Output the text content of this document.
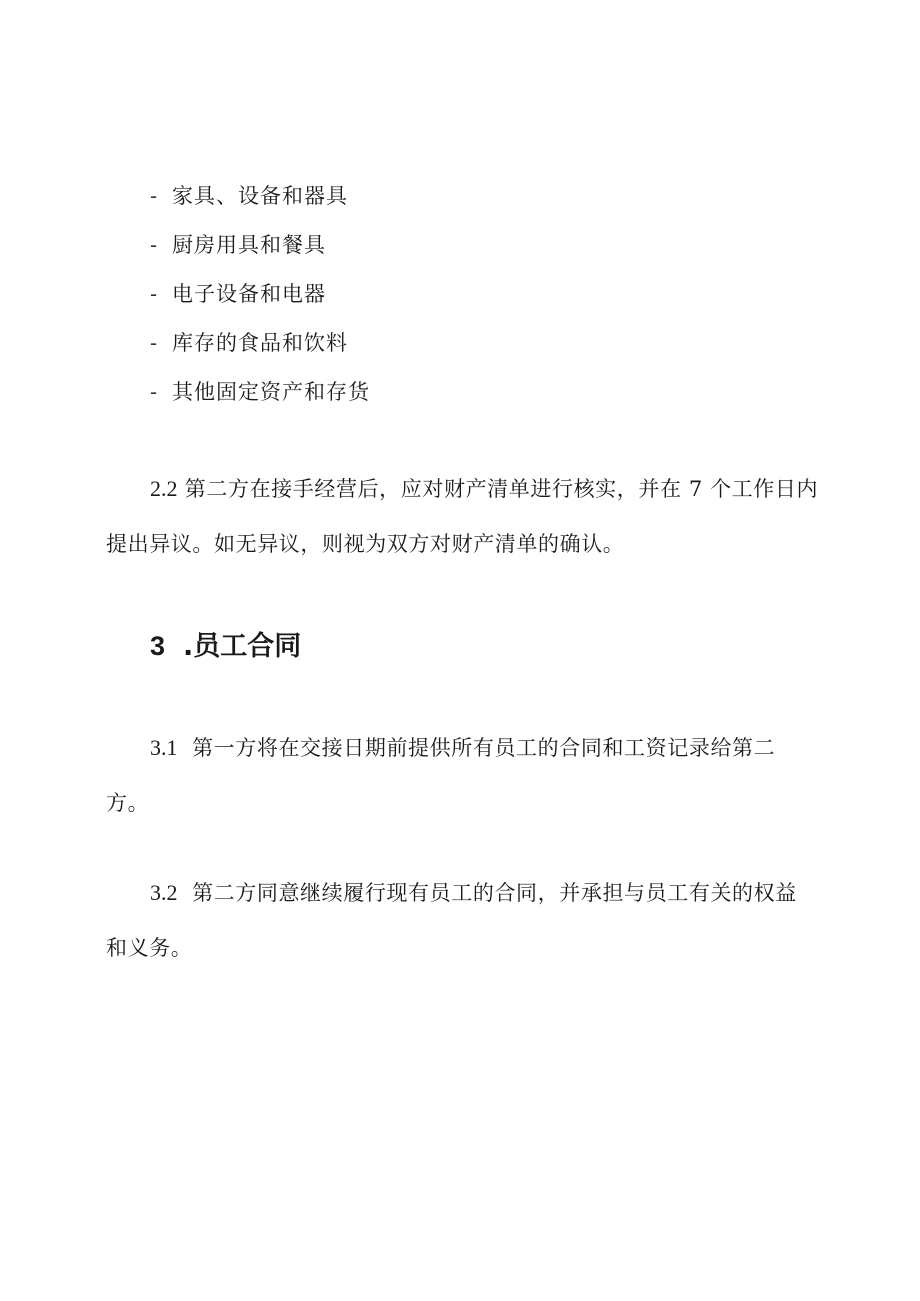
- 家具、设备和器具
- 厨房用具和餐具
- 电子设备和电器
- 库存的食品和饮料
- 其他固定资产和存货

2.2 第二方在接手经营后，应对财产清单进行核实，并在 7 个工作日内
提出异议。如无异议，则视为双方对财产清单的确认。

3 .员工合同

3.1 第一方将在交接日期前提供所有员工的合同和工资记录给第二
方。

3.2 第二方同意继续履行现有员工的合同，并承担与员工有关的权益
和义务。
